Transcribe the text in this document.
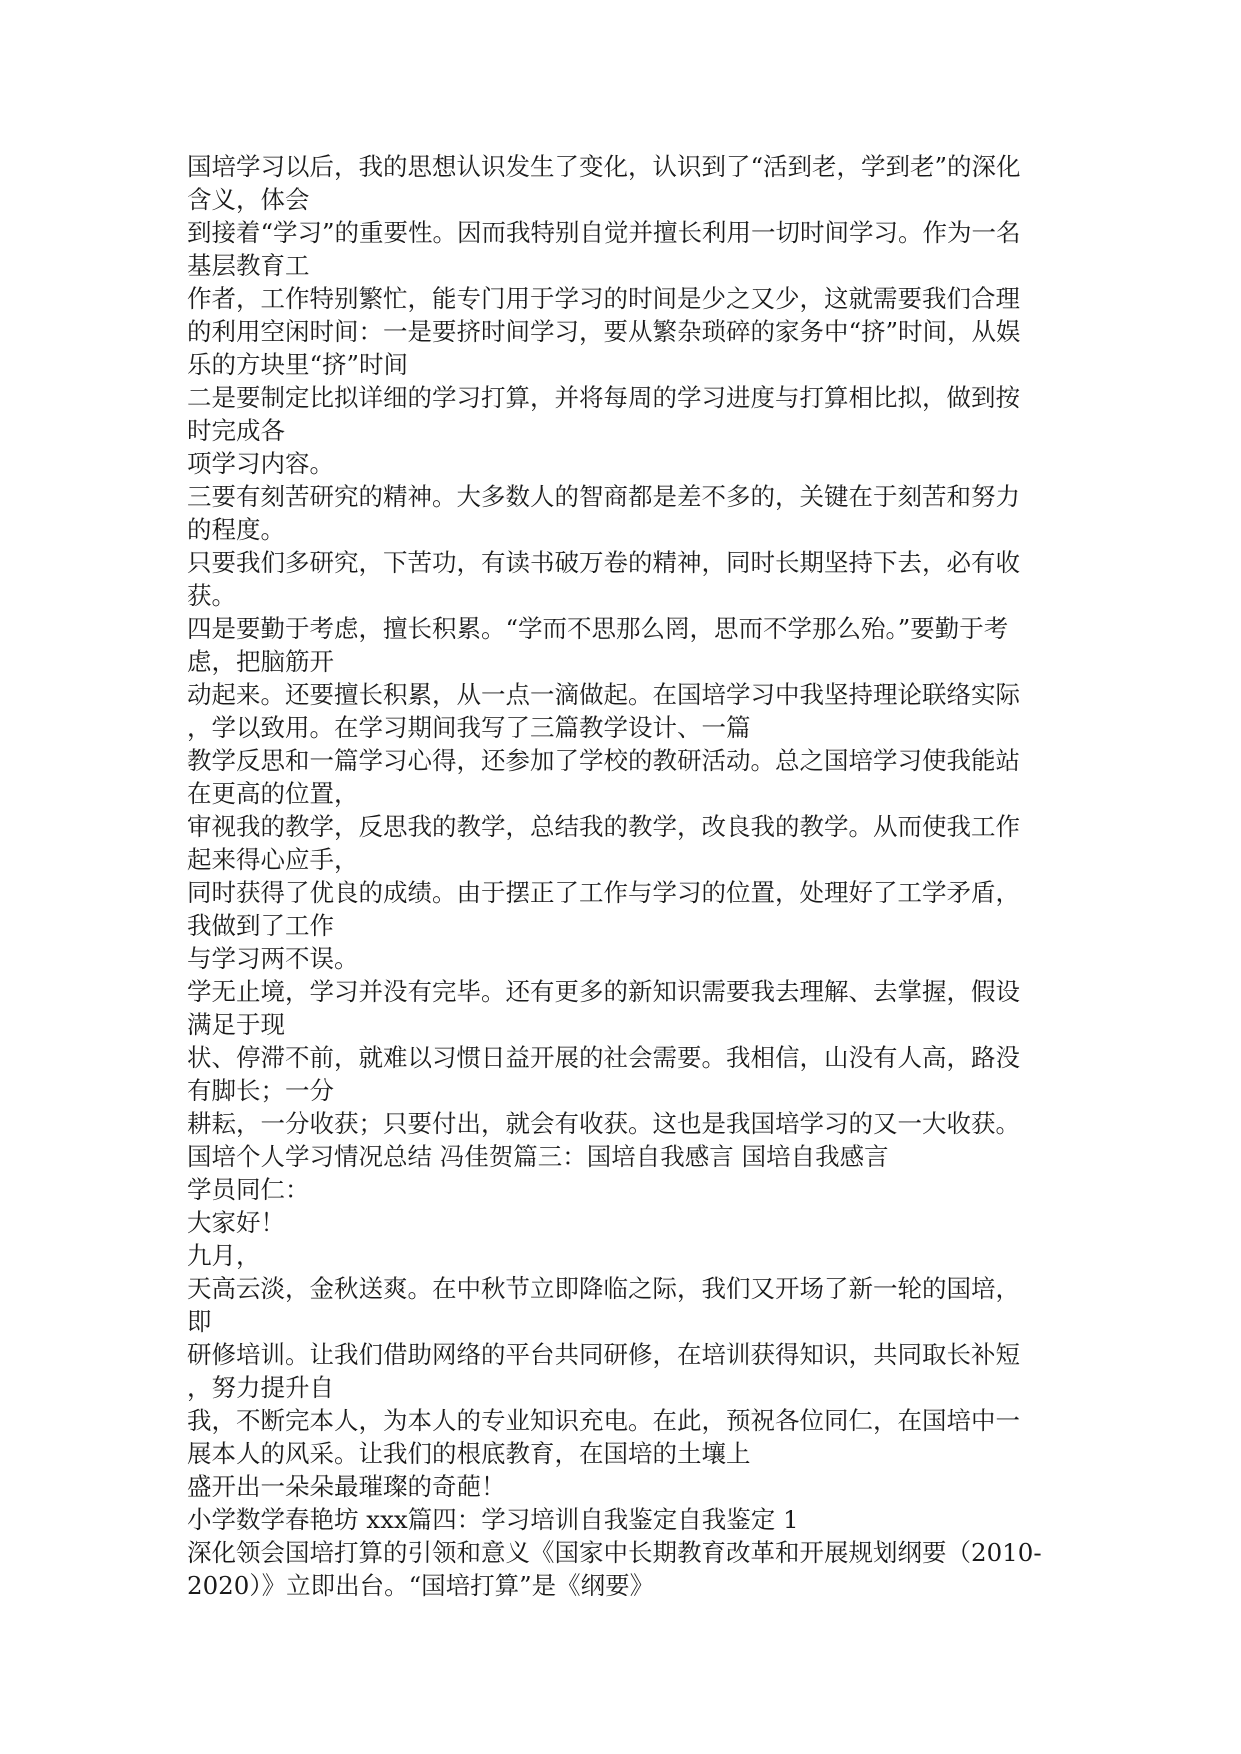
国培学习以后，我的思想认识发生了变化，认识到了“活到老，学到老”的深化
含义，体会
到接着“学习”的重要性。因而我特别自觉并擅长利用一切时间学习。作为一名
基层教育工
作者，工作特别繁忙，能专门用于学习的时间是少之又少，这就需要我们合理
的利用空闲时间：一是要挤时间学习，要从繁杂琐碎的家务中“挤”时间，从娱
乐的方块里“挤”时间
二是要制定比拟详细的学习打算，并将每周的学习进度与打算相比拟，做到按
时完成各
项学习内容。
三要有刻苦研究的精神。大多数人的智商都是差不多的，关键在于刻苦和努力
的程度。
只要我们多研究，下苦功，有读书破万卷的精神，同时长期坚持下去，必有收
获。
四是要勤于考虑，擅长积累。“学而不思那么罔，思而不学那么殆。”要勤于考
虑，把脑筋开
动起来。还要擅长积累，从一点一滴做起。在国培学习中我坚持理论联络实际
，学以致用。在学习期间我写了三篇教学设计、一篇
教学反思和一篇学习心得，还参加了学校的教研活动。总之国培学习使我能站
在更高的位置，
审视我的教学，反思我的教学，总结我的教学，改良我的教学。从而使我工作
起来得心应手，
同时获得了优良的成绩。由于摆正了工作与学习的位置，处理好了工学矛盾，
我做到了工作
与学习两不误。
学无止境，学习并没有完毕。还有更多的新知识需要我去理解、去掌握，假设
满足于现
状、停滞不前，就难以习惯日益开展的社会需要。我相信，山没有人高，路没
有脚长；一分
耕耘，一分收获；只要付出，就会有收获。这也是我国培学习的又一大收获。
国培个人学习情况总结 冯佳贺篇三：国培自我感言 国培自我感言
学员同仁：
大家好！
九月，
天高云淡，金秋送爽。在中秋节立即降临之际，我们又开场了新一轮的国培，
即
研修培训。让我们借助网络的平台共同研修，在培训获得知识，共同取长补短
，努力提升自
我，不断完本人，为本人的专业知识充电。在此，预祝各位同仁，在国培中一
展本人的风采。让我们的根底教育，在国培的土壤上
盛开出一朵朵最璀璨的奇葩！
小学数学春艳坊 xxx篇四：学习培训自我鉴定自我鉴定 1
深化领会国培打算的引领和意义《国家中长期教育改革和开展规划纲要（2010-
2020）》立即出台。“国培打算”是《纲要》
